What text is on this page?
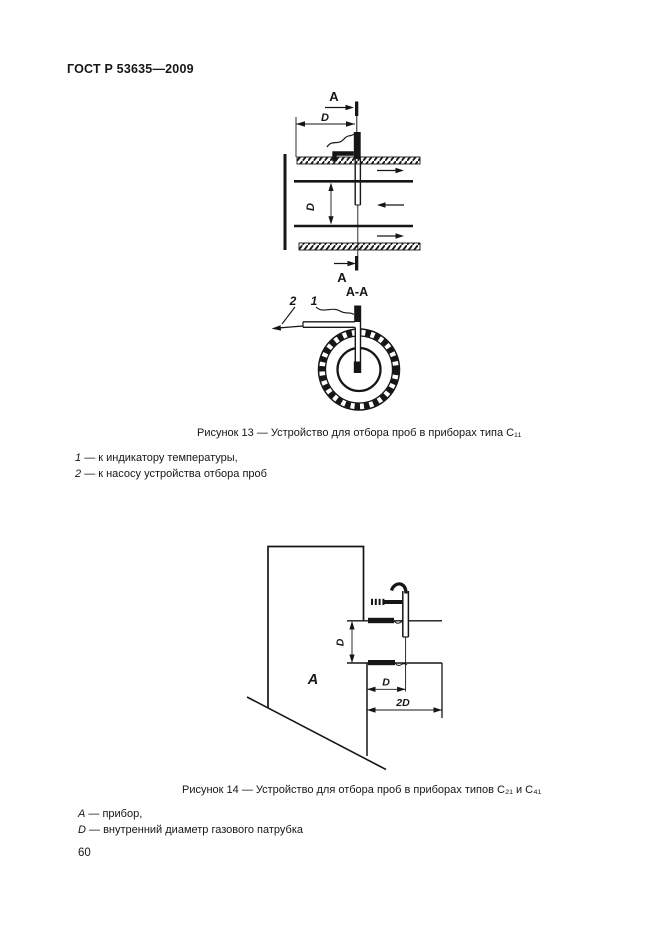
ГОСТ Р 53635—2009
А
D
D
А
А-А
2 1
Рисунок 13 — Устройство для отбора проб в приборах типа С₁₁
1 — к индикатору температуры,
2 — к насосу устройства отбора проб
D
D
2D
А
Рисунок 14 — Устройство для отбора проб в приборах типов С₂₁ и С₄₁
А — прибор,
D — внутренний диаметр газового патрубка
60
